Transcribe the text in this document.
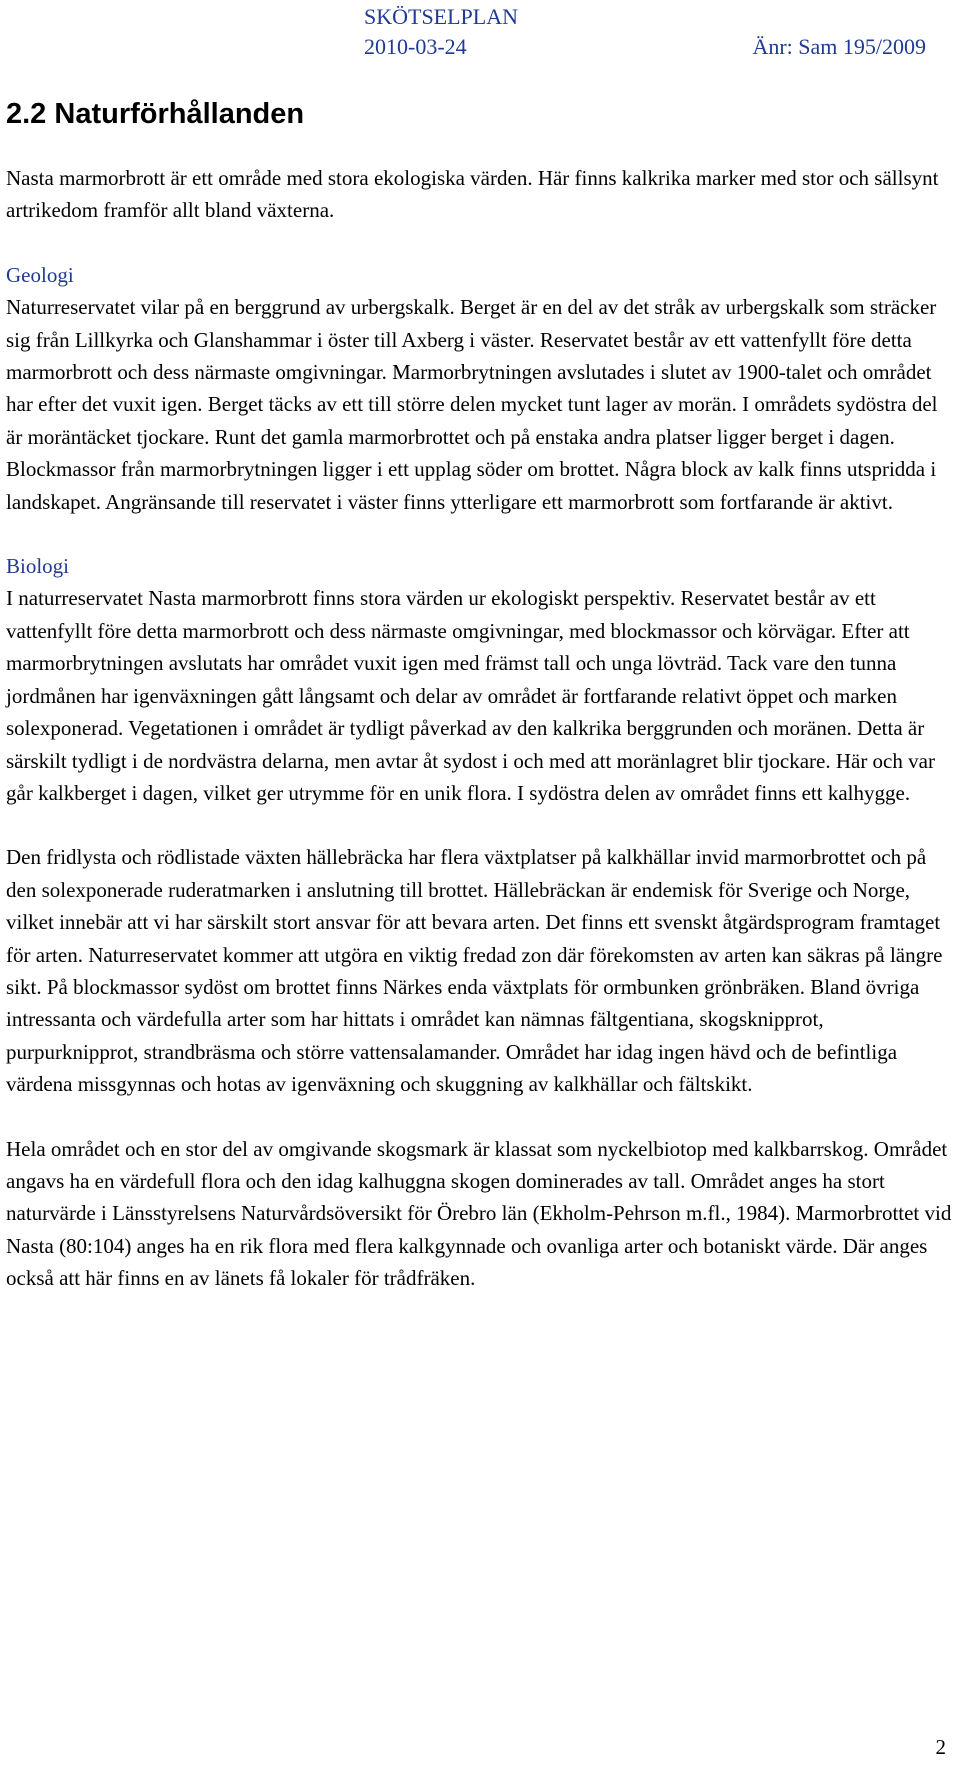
SKÖTSELPLAN
2010-03-24	Änr: Sam 195/2009
2.2 Naturförhållanden

Nasta marmorbrott är ett område med stora ekologiska värden. Här finns kalkrika marker med stor och sällsynt artrikedom framför allt bland växterna.

Geologi

Naturreservatet vilar på en berggrund av urbergskalk. Berget är en del av det stråk av urbergskalk som sträcker sig från Lillkyrka och Glanshammar i öster till Axberg i väster. Reservatet består av ett vattenfyllt före detta marmorbrott och dess närmaste omgivningar. Marmorbrytningen avslutades i slutet av 1900-talet och området har efter det vuxit igen. Berget täcks av ett till större delen mycket tunt lager av morän. I områdets sydöstra del är moräntäcket tjockare. Runt det gamla marmorbrottet och på enstaka andra platser ligger berget i dagen. Blockmassor från marmorbrytningen ligger i ett upplag söder om brottet. Några block av kalk finns utspridda i landskapet. Angränsande till reservatet i väster finns ytterligare ett marmorbrott som fortfarande är aktivt.

Biologi

I naturreservatet Nasta marmorbrott finns stora värden ur ekologiskt perspektiv. Reservatet består av ett vattenfyllt före detta marmorbrott och dess närmaste omgivningar, med blockmassor och körvägar. Efter att marmorbrytningen avslutats har området vuxit igen med främst tall och unga lövträd. Tack vare den tunna jordmånen har igenväxningen gått långsamt och delar av området är fortfarande relativt öppet och marken solexponerad. Vegetationen i området är tydligt påverkad av den kalkrika berggrunden och moränen. Detta är särskilt tydligt i de nordvästra delarna, men avtar åt sydost i och med att moränlagret blir tjockare. Här och var går kalkberget i dagen, vilket ger utrymme för en unik flora. I sydöstra delen av området finns ett kalhygge.

Den fridlysta och rödlistade växten hällebräcka har flera växtplatser på kalkhällar invid marmorbrottet och på den solexponerade ruderatmarken i anslutning till brottet. Hällebräckan är endemisk för Sverige och Norge, vilket innebär att vi har särskilt stort ansvar för att bevara arten. Det finns ett svenskt åtgärdsprogram framtaget för arten. Naturreservatet kommer att utgöra en viktig fredad zon där förekomsten av arten kan säkras på längre sikt. På blockmassor sydöst om brottet finns Närkes enda växtplats för ormbunken grönbräken. Bland övriga intressanta och värdefulla arter som har hittats i området kan nämnas fältgentiana, skogsknipprot, purpurknipprot, strandbräsma och större vattensalamander. Området har idag ingen hävd och de befintliga värdena missgynnas och hotas av igenväxning och skuggning av kalkhällar och fältskikt.

Hela området och en stor del av omgivande skogsmark är klassat som nyckelbiotop med kalkbarrskog. Området angavs ha en värdefull flora och den idag kalhuggna skogen dominerades av tall. Området anges ha stort naturvärde i Länsstyrelsens Naturvårdsöversikt för Örebro län (Ekholm-Pehrson m.fl., 1984). Marmorbrottet vid Nasta (80:104) anges ha en rik flora med flera kalkgynnade och ovanliga arter och botaniskt värde. Där anges också att här finns en av länets få lokaler för trådfräken.

2
